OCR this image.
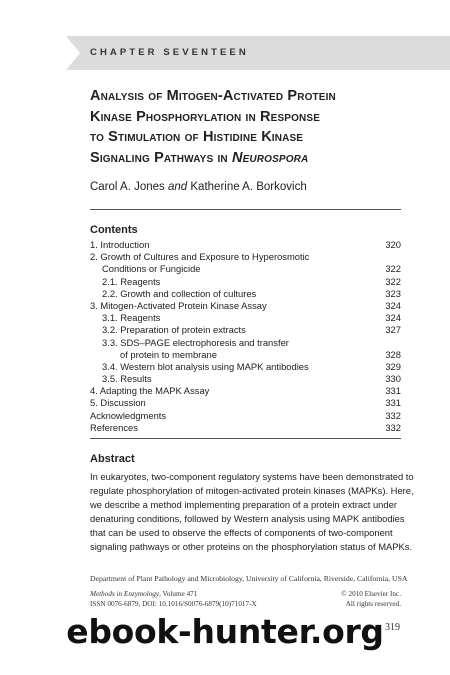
CHAPTER SEVENTEEN
Analysis of Mitogen-Activated Protein
Kinase Phosphorylation in Response
to Stimulation of Histidine Kinase
Signaling Pathways in Neurospora
Carol A. Jones and Katherine A. Borkovich
Contents
1. Introduction	320
2. Growth of Cultures and Exposure to Hyperosmotic
Conditions or Fungicide	322
2.1. Reagents	322
2.2. Growth and collection of cultures	323
3. Mitogen-Activated Protein Kinase Assay	324
3.1. Reagents	324
3.2. Preparation of protein extracts	327
3.3. SDS–PAGE electrophoresis and transfer
of protein to membrane	328
3.4. Western blot analysis using MAPK antibodies	329
3.5. Results	330
4. Adapting the MAPK Assay	331
5. Discussion	331
Acknowledgments	332
References	332
Abstract
In eukaryotes, two-component regulatory systems have been demonstrated to
regulate phosphorylation of mitogen-activated protein kinases (MAPKs). Here,
we describe a method implementing preparation of a protein extract under
denaturing conditions, followed by Western analysis using MAPK antibodies
that can be used to observe the effects of components of two-component
signaling pathways or other proteins on the phosphorylation status of MAPKs.
Department of Plant Pathology and Microbiology, University of California, Riverside, California, USA
Methods in Enzymology, Volume 471	© 2010 Elsevier Inc.
ISSN 0076-6879, DOI: 10.1016/S0076-6879(10)71017-X	All rights reserved.
319
ebook-hunter.org
